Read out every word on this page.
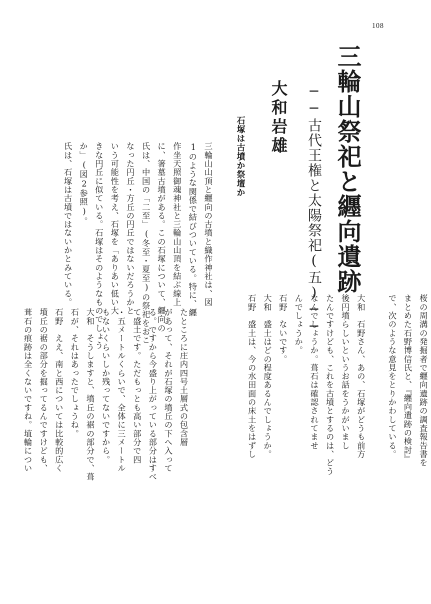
108
三輪山祭祀と纒向遺跡
──古代王権と太陽祭祀(五)──
大和岩雄
石塚は古墳か祭壇か
桜の周溝の発掘者で纒向遺跡の調査報告書を
まとめた石野博信氏と、『纒向遺跡の検討』
で、次のような意見をとりかわしている。

大和　石野さん、あの、石塚がどうも前方
後円墳らしいというお話をうかがいまし
たんですけども、これを古墳とするのは、どう
なんでしょうか。葺石は確認されてませ
んでしょうか。
石野　ないです。
大和　盛土はどの程度あるんでしょうか。
石野　盛土は、今の水田面の床土をはずし
三輪山山頂と纒向の古墳と織作神社は、図
1のような関係で結びついている。特に、纒
作坐天照御魂神社と三輪山山頂を結ぶ線上
に、箸墓古墳がある。この石塚について、纒向の
氏は、中国の「二至」(冬至・夏至)の祭祀をおこ
なった円丘・方丘の円丘ではないだろうかと
いう可能性を考え、石塚を「ありあい低い大
きな円丘に似ている。石塚はそのようなものでしょう
か」(図2参照)。
氏は、石塚は古墳ではないかとみている。
たところに庄内四号土層式の包含層
があって、それが石塚の墳丘の下へ入って
る。ですから今盛り上がっている部分はすべ
て盛土です。ただもっとも高い部分で四
・五メートルくらいで、全体に三メートル
もないくらいしか残ってないですから。
大和　そうしますと、墳丘の裾の部分で、葺
石が、それはあったでしょうね。
石野　ええ、南と西については比較的広く
墳丘の裾の部分を掘ってるんですけども、
葺石の痕跡は全くないですね。埴輪につい
